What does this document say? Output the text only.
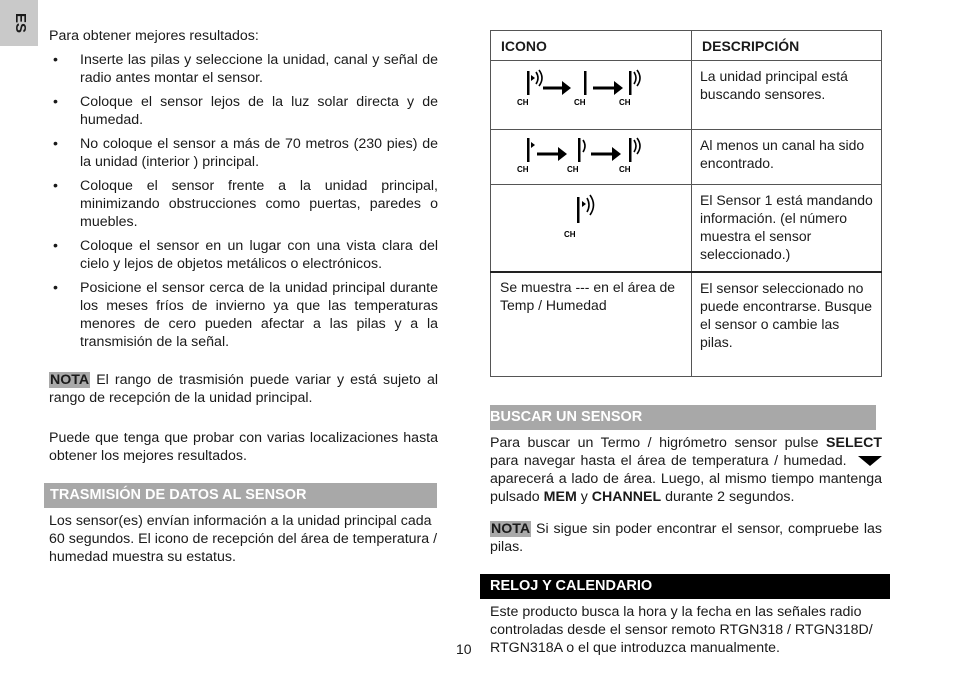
ES

Para obtener mejores resultados:

• Inserte las pilas y seleccione la unidad, canal y señal de radio antes montar el sensor.
• Coloque el sensor lejos de la luz solar directa y de humedad.
• No coloque el sensor a más de 70 metros (230 pies) de la unidad (interior ) principal.
• Coloque el sensor frente a la unidad principal, minimizando obstrucciones como puertas, paredes o muebles.
• Coloque el sensor en un lugar con una vista clara del cielo y lejos de objetos metálicos o electrónicos.
• Posicione el sensor cerca de la unidad principal durante los meses fríos de invierno ya que las temperaturas menores de cero pueden afectar a las pilas y a la transmisión de la señal.

NOTA El rango de trasmisión puede variar y está sujeto al rango de recepción de la unidad principal.

Puede que tenga que probar con varias localizaciones hasta obtener los mejores resultados.

TRASMISIÓN DE DATOS AL SENSOR

Los sensor(es) envían información a la unidad principal cada 60 segundos. El icono de recepción del área de temperatura / humedad muestra su estatus.

ICONO	DESCRIPCIÓN

CH CH CH	La unidad principal está buscando sensores.

CH CH CH	Al menos un canal ha sido encontrado.

CH	El Sensor 1 está mandando información. (el número muestra el sensor seleccionado.)
Se muestra --- en el área de Temp / Humedad	El sensor seleccionado no puede encontrarse. Busque el sensor o cambie las pilas.
BUSCAR UN SENSOR

Para buscar un Termo / higrómetro sensor pulse SELECT para navegar hasta el área de temperatura / humedad.  aparecerá a lado de área. Luego, al mismo tiempo mantenga pulsado MEM y CHANNEL durante 2 segundos.

NOTA Si sigue sin poder encontrar el sensor, compruebe las pilas.

RELOJ Y CALENDARIO

Este producto busca la hora y la fecha en las señales radio controladas desde el sensor remoto RTGN318 / RTGN318D/ RTGN318A o el que introduzca manualmente.

10
